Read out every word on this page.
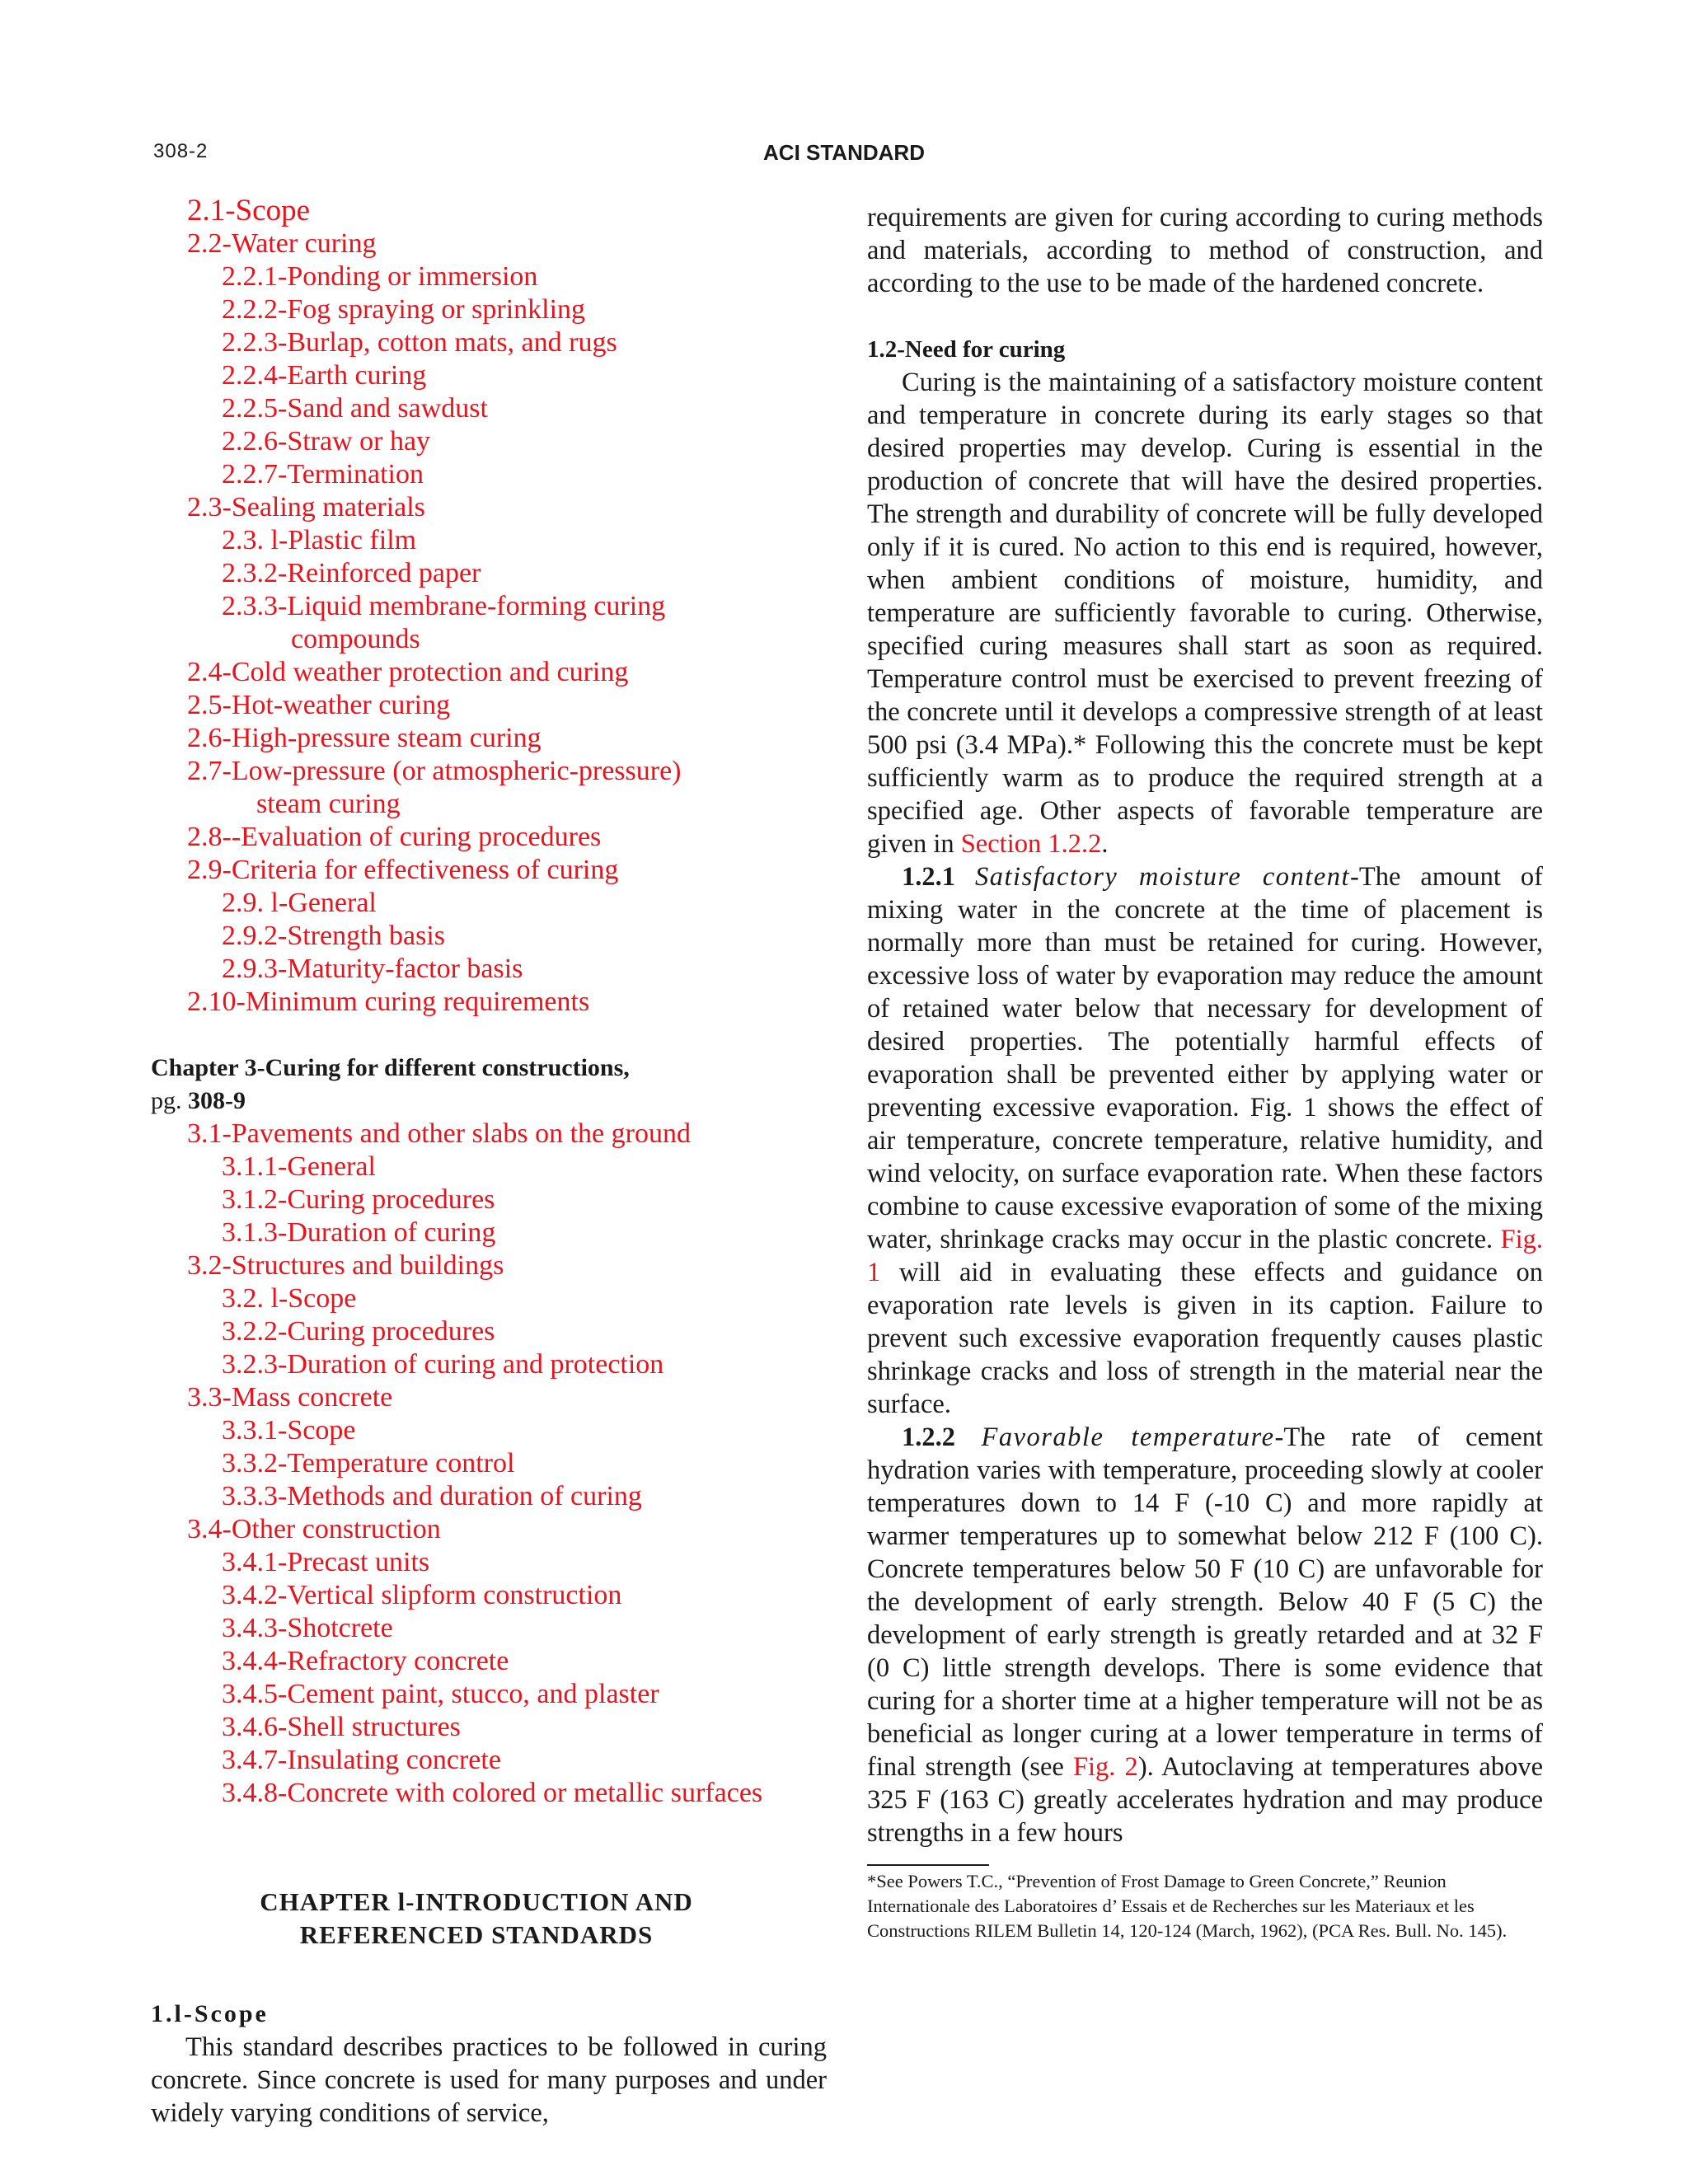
308-2	ACI STANDARD
2.1-Scope
2.2-Water curing
2.2.1-Ponding or immersion
2.2.2-Fog spraying or sprinkling
2.2.3-Burlap, cotton mats, and rugs
2.2.4-Earth curing
2.2.5-Sand and sawdust
2.2.6-Straw or hay
2.2.7-Termination
2.3-Sealing materials
2.3. l-Plastic film
2.3.2-Reinforced paper
2.3.3-Liquid membrane-forming curing
compounds
2.4-Cold weather protection and curing
2.5-Hot-weather curing
2.6-High-pressure steam curing
2.7-Low-pressure (or atmospheric-pressure)
steam curing
2.8--Evaluation of curing procedures
2.9-Criteria for effectiveness of curing
2.9. l-General
2.9.2-Strength basis
2.9.3-Maturity-factor basis
2.10-Minimum curing requirements
Chapter 3-Curing for different constructions,
pg. 308-9
3.1-Pavements and other slabs on the ground
3.1.1-General
3.1.2-Curing procedures
3.1.3-Duration of curing
3.2-Structures and buildings
3.2. l-Scope
3.2.2-Curing procedures
3.2.3-Duration of curing and protection
3.3-Mass concrete
3.3.1-Scope
3.3.2-Temperature control
3.3.3-Methods and duration of curing
3.4-Other construction
3.4.1-Precast units
3.4.2-Vertical slipform construction
3.4.3-Shotcrete
3.4.4-Refractory concrete
3.4.5-Cement paint, stucco, and plaster
3.4.6-Shell structures
3.4.7-Insulating concrete
3.4.8-Concrete with colored or metallic surfaces
CHAPTER l-INTRODUCTION AND
REFERENCED STANDARDS
1.l-Scope

This standard describes practices to be followed in curing concrete. Since concrete is used for many purposes and under widely varying conditions of service,

requirements are given for curing according to curing methods and materials, according to method of construction, and according to the use to be made of the hardened concrete.

1.2-Need for curing

Curing is the maintaining of a satisfactory moisture content and temperature in concrete during its early stages so that desired properties may develop. Curing is essential in the production of concrete that will have the desired properties. The strength and durability of concrete will be fully developed only if it is cured. No action to this end is required, however, when ambient conditions of moisture, humidity, and temperature are sufficiently favorable to curing. Otherwise, specified curing measures shall start as soon as required. Temperature control must be exercised to prevent freezing of the concrete until it develops a compressive strength of at least 500 psi (3.4 MPa).* Following this the concrete must be kept sufficiently warm as to produce the required strength at a specified age. Other aspects of favorable temperature are given in Section 1.2.2.

1.2.1 Satisfactory moisture content-The amount of mixing water in the concrete at the time of placement is normally more than must be retained for curing. However, excessive loss of water by evaporation may reduce the amount of retained water below that necessary for development of desired properties. The potentially harmful effects of evaporation shall be prevented either by applying water or preventing excessive evaporation. Fig. 1 shows the effect of air temperature, concrete temperature, relative humidity, and wind velocity, on surface evaporation rate. When these factors combine to cause excessive evaporation of some of the mixing water, shrinkage cracks may occur in the plastic concrete. Fig. 1 will aid in evaluating these effects and guidance on evaporation rate levels is given in its caption. Failure to prevent such excessive evaporation frequently causes plastic shrinkage cracks and loss of strength in the material near the surface.

1.2.2 Favorable temperature-The rate of cement hydration varies with temperature, proceeding slowly at cooler temperatures down to 14 F (-10 C) and more rapidly at warmer temperatures up to somewhat below 212 F (100 C). Concrete temperatures below 50 F (10 C) are unfavorable for the development of early strength. Below 40 F (5 C) the development of early strength is greatly retarded and at 32 F (0 C) little strength develops. There is some evidence that curing for a shorter time at a higher temperature will not be as beneficial as longer curing at a lower temperature in terms of final strength (see Fig. 2). Autoclaving at temperatures above 325 F (163 C) greatly accelerates hydration and may produce strengths in a few hours

*See Powers T.C., “Prevention of Frost Damage to Green Concrete,” Reunion Internationale des Laboratoires d’ Essais et de Recherches sur les Materiaux et les Constructions RILEM Bulletin 14, 120-124 (March, 1962), (PCA Res. Bull. No. 145).
